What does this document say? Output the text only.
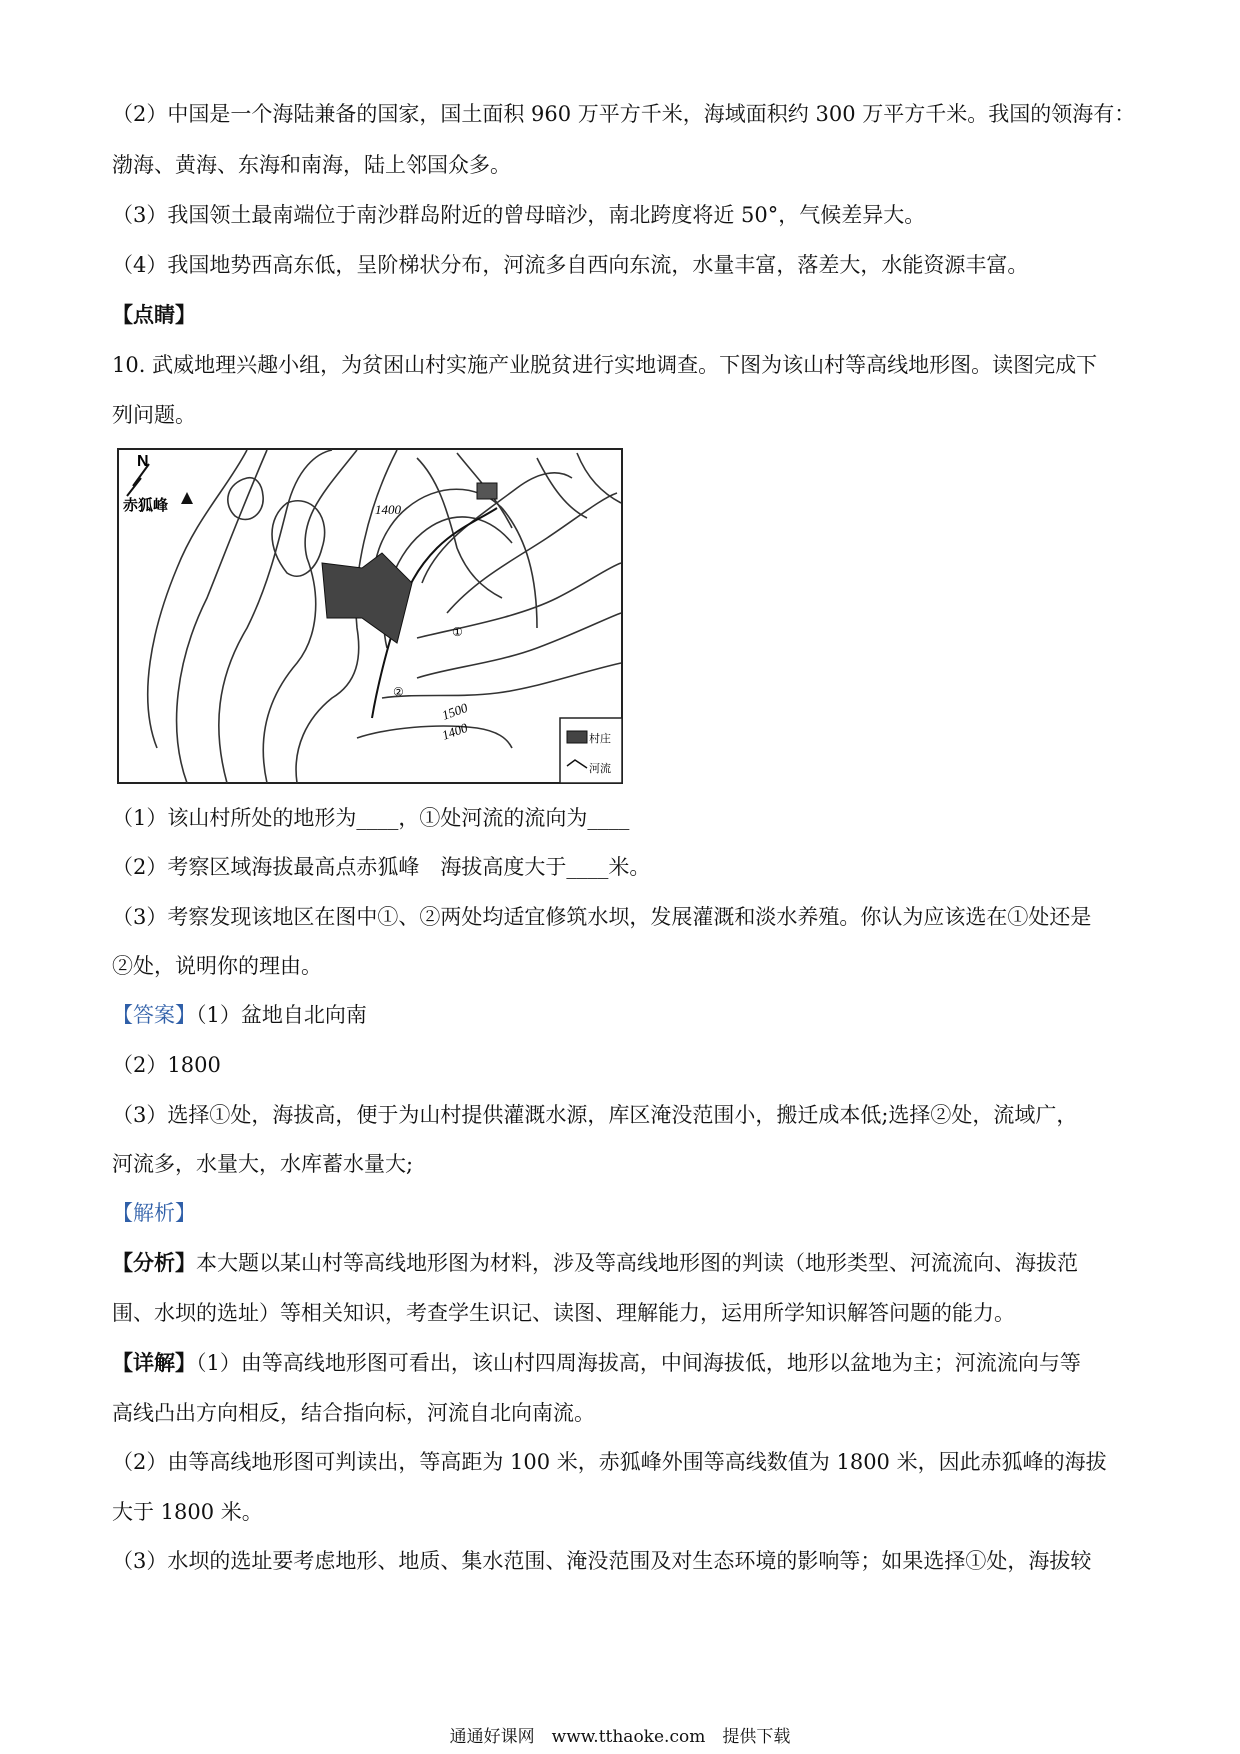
（2）中国是一个海陆兼备的国家，国土面积 960 万平方千米，海域面积约 300 万平方千米。我国的领海有：
渤海、黄海、东海和南海，陆上邻国众多。
（3）我国领土最南端位于南沙群岛附近的曾母暗沙，南北跨度将近 50°，气候差异大。
（4）我国地势西高东低，呈阶梯状分布，河流多自西向东流，水量丰富，落差大，水能资源丰富。
【点睛】
10. 武威地理兴趣小组，为贫困山村实施产业脱贫进行实地调查。下图为该山村等高线地形图。读图完成下
列问题。
N
赤狐峰	1400
①
②
1500
1400	村庄
河流
（1）该山村所处的地形为____，①处河流的流向为____
（2）考察区域海拔最高点赤狐峰　海拔高度大于____米。
（3）考察发现该地区在图中①、②两处均适宜修筑水坝，发展灌溉和淡水养殖。你认为应该选在①处还是
②处，说明你的理由。
【答案】（1）盆地自北向南
（2）1800
（3）选择①处，海拔高，便于为山村提供灌溉水源，库区淹没范围小，搬迁成本低;选择②处，流域广，
河流多，水量大，水库蓄水量大;
【解析】
【分析】本大题以某山村等高线地形图为材料，涉及等高线地形图的判读（地形类型、河流流向、海拔范
围、水坝的选址）等相关知识，考查学生识记、读图、理解能力，运用所学知识解答问题的能力。
【详解】（1）由等高线地形图可看出，该山村四周海拔高，中间海拔低，地形以盆地为主；河流流向与等
高线凸出方向相反，结合指向标，河流自北向南流。
（2）由等高线地形图可判读出，等高距为 100 米，赤狐峰外围等高线数值为 1800 米，因此赤狐峰的海拔
大于 1800 米。
（3）水坝的选址要考虑地形、地质、集水范围、淹没范围及对生态环境的影响等；如果选择①处，海拔较
通通好课网　www.tthaoke.com　提供下载
